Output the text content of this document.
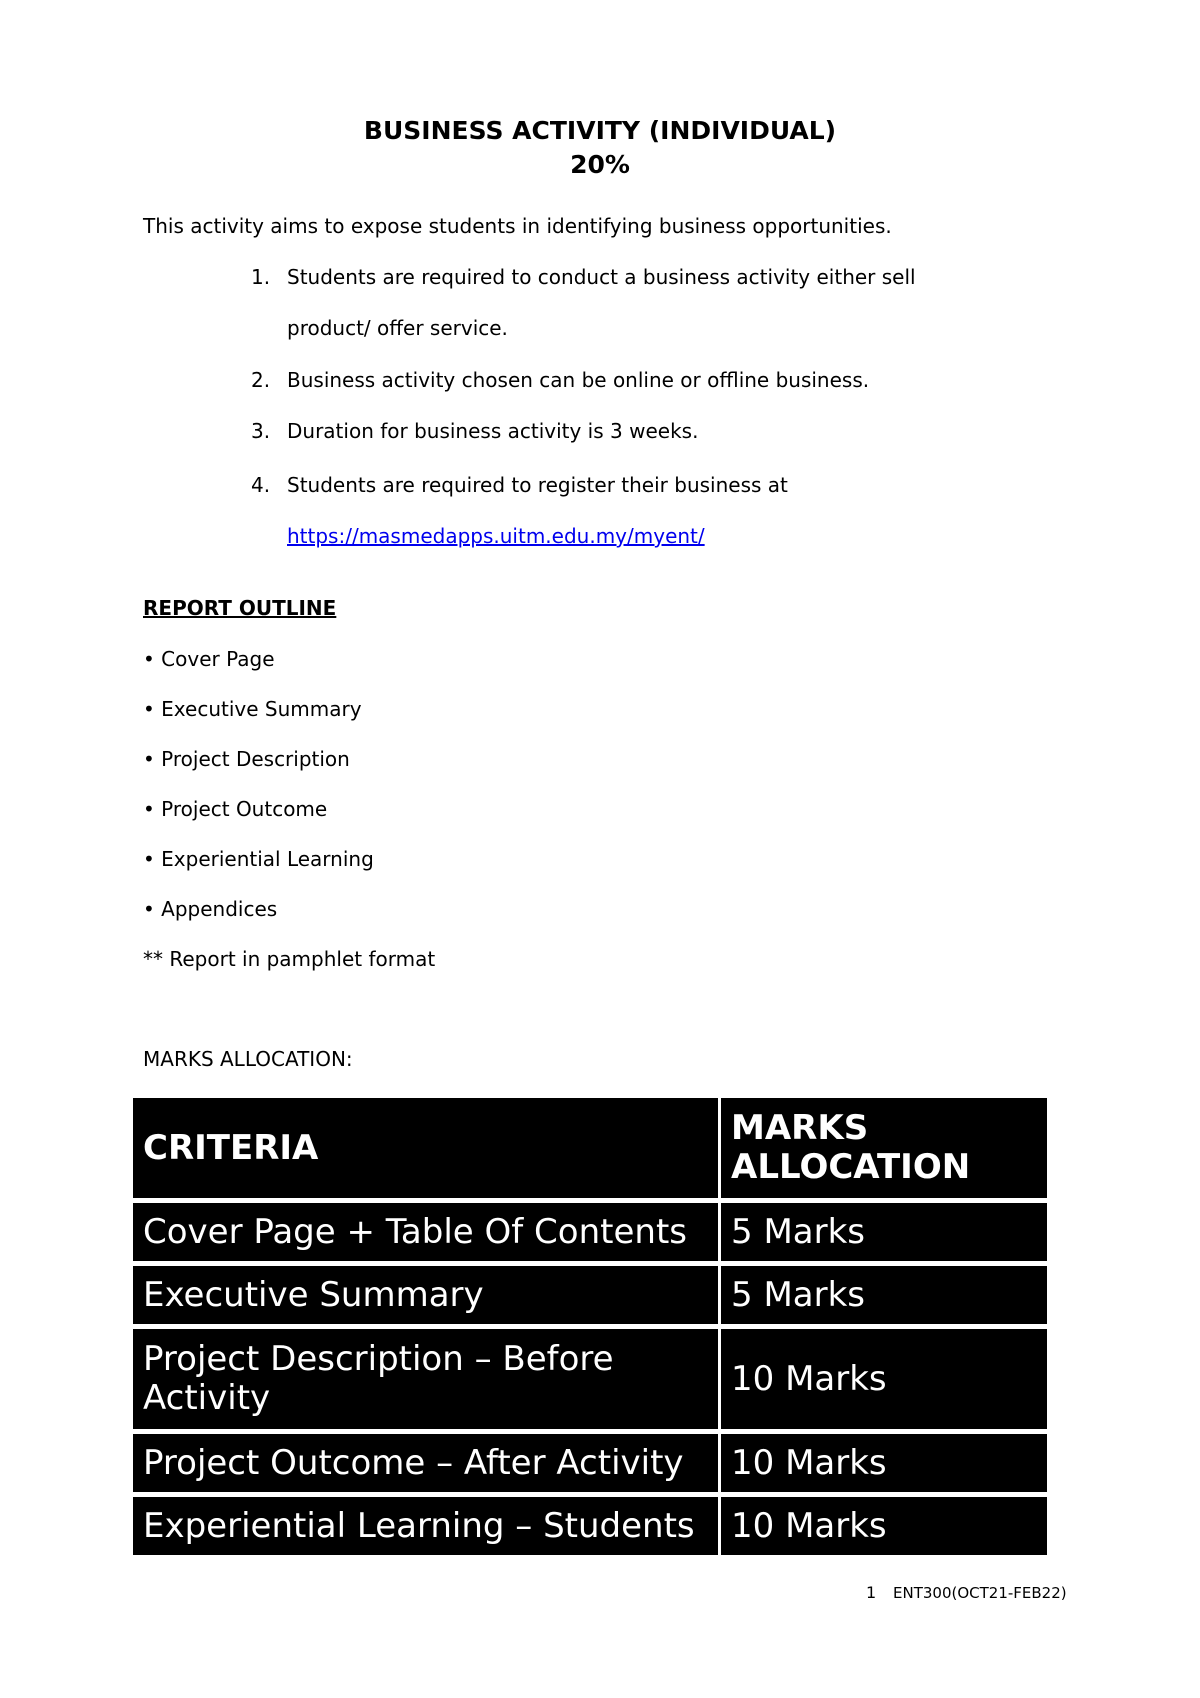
BUSINESS ACTIVITY (INDIVIDUAL)
20%
This activity aims to expose students in identifying business opportunities.
1. Students are required to conduct a business activity either sell
product/ offer service.
2. Business activity chosen can be online or offline business.
3. Duration for business activity is 3 weeks.
4. Students are required to register their business at
https://masmedapps.uitm.edu.my/myent/
REPORT OUTLINE
• Cover Page
• Executive Summary
• Project Description
• Project Outcome
• Experiential Learning
• Appendices
** Report in pamphlet format
MARKS ALLOCATION:
CRITERIA	MARKS ALLOCATION
Cover Page + Table Of Contents	5 Marks
Executive Summary	5 Marks
Project Description – Before Activity	10 Marks
Project Outcome – After Activity	10 Marks
Experiential Learning – Students	10 Marks
1 ENT300(OCT21-FEB22)
